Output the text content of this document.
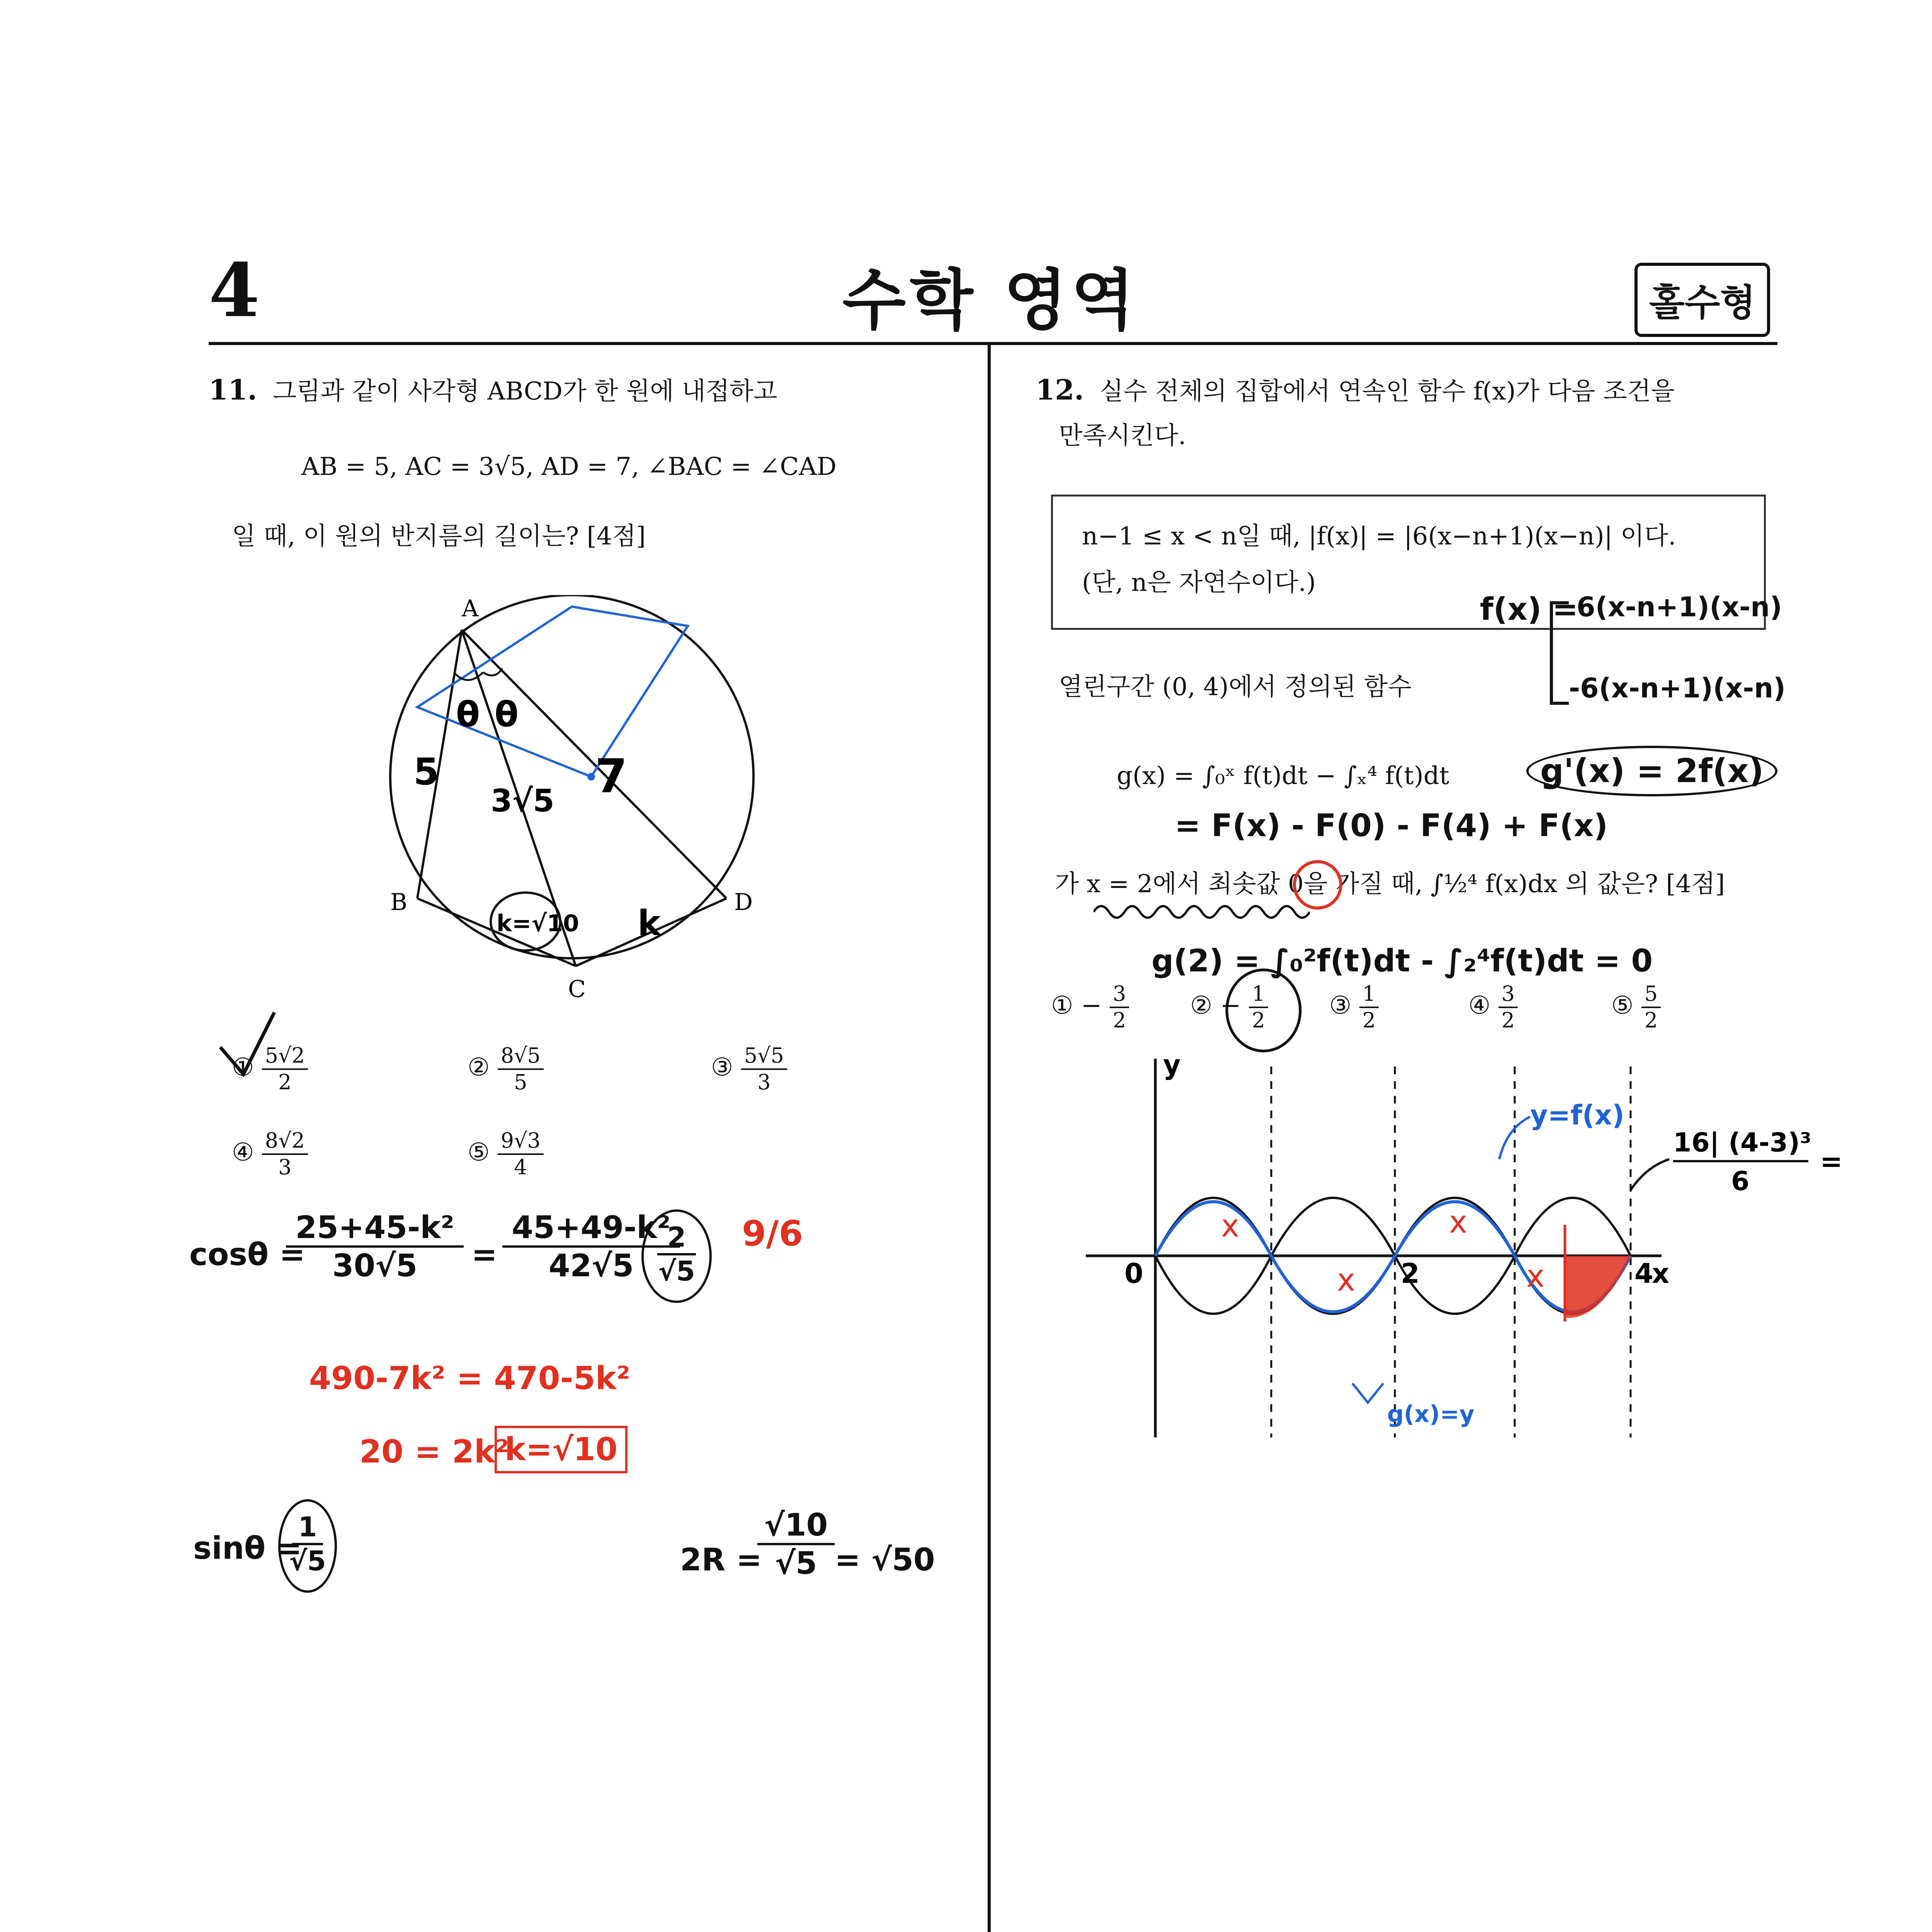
4	수학 영역	홀수형
11. 그림과 같이 사각형 ABCD가 한 원에 내접하고
AB = 5, AC = 3√5, AD = 7, ∠BAC = ∠CAD
일 때, 이 원의 반지름의 길이는? [4점]
A
B
C
D
θ θ
5
3√5 7
k
k=√10
① $\frac{5√2}{2}$	② $\frac{8√5}{5}$	③ $\frac{5√5}{3}$
④ $\frac{8√2}{3}$	⑤ $\frac{9√3}{4}$
cosθ =
25+45-k²
30√5	=
45+49-k²
42√5
2
√5
9/6
490-7k² = 470-5k²
20 = 2k²
k=√10
sinθ =
1
√5	2R =
√10
√5 = √50
12. 실수 전체의 집합에서 연속인 함수 f(x)가 다음 조건을
만족시킨다.
n−1 ≤ x < n일 때, |f(x)| = |6(x−n+1)(x−n)| 이다.
(단, n은 자연수이다.)
f(x) =
6(x-n+1)(x-n)
-6(x-n+1)(x-n)
열린구간 (0, 4)에서 정의된 함수
g(x) = ∫₀ˣ f(t)dt − ∫ₓ⁴ f(t)dt	g'(x) = 2f(x)
= F(x) - F(0) - F(4) + F(x)
가 x = 2에서 최솟값 0을 가질 때, ∫½⁴ f(x)dx 의 값은? [4점]
g(2) = ∫₀²f(t)dt - ∫₂⁴f(t)dt = 0
① − $\frac{3}{2}$ ② − $\frac{1}{2}$ ③ $\frac{1}{2}$	④ $\frac{3}{2}$	⑤ $\frac{5}{2}$
x
x
x
x
0	2	4
x
y
y=f(x)
16| (4-3)³
6
=
g(x)=y
